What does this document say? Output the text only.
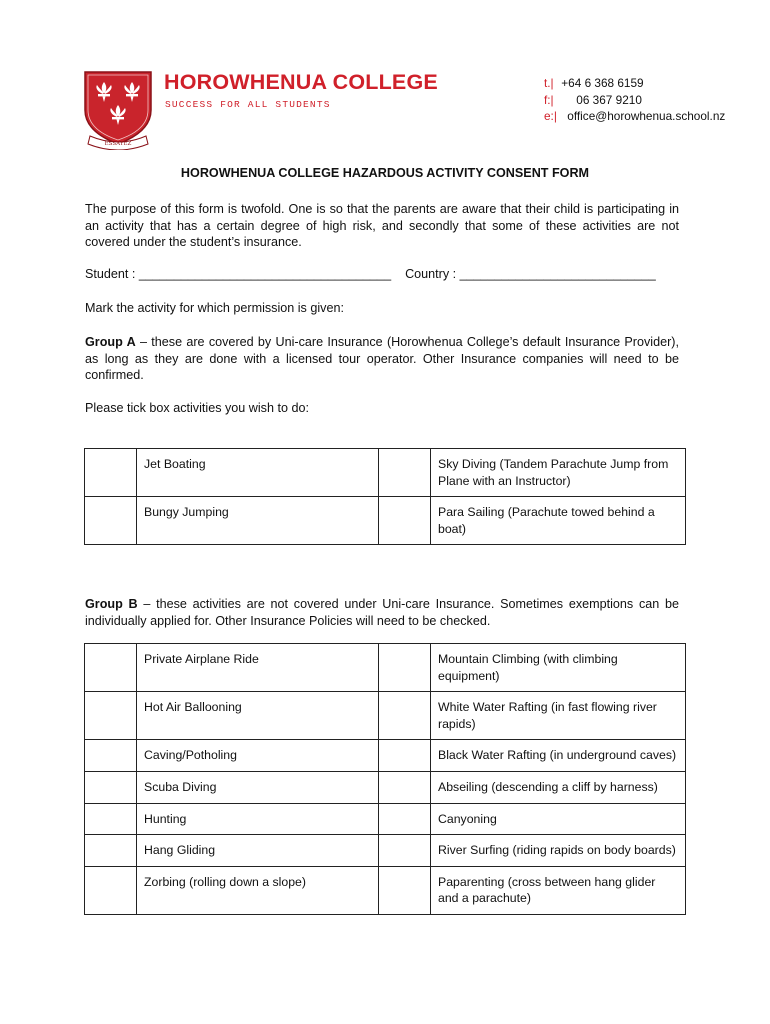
ESSAYEZ
HOROWHENUA COLLEGE
SUCCESS FOR ALL STUDENTS
t.| +64 6 368 6159
f:| 06 367 9210
e:| office@horowhenua.school.nz
HOROWHENUA COLLEGE HAZARDOUS ACTIVITY CONSENT FORM
The purpose of this form is twofold. One is so that the parents are aware that their child is participating in an activity that has a certain degree of high risk, and secondly that some of these activities are not covered under the student’s insurance.
Student : ____________________________________ Country : ____________________________
Mark the activity for which permission is given:
Group A – these are covered by Uni-care Insurance (Horowhenua College’s default Insurance Provider), as long as they are done with a licensed tour operator. Other Insurance companies will need to be confirmed.
Please tick box activities you wish to do:
	Jet Boating		Sky Diving (Tandem Parachute Jump from Plane with an Instructor)
	Bungy Jumping		Para Sailing (Parachute towed behind a boat)
Group B – these activities are not covered under Uni-care Insurance. Sometimes exemptions can be individually applied for. Other Insurance Policies will need to be checked.
	Private Airplane Ride		Mountain Climbing (with climbing equipment)
	Hot Air Ballooning		White Water Rafting (in fast flowing river rapids)
	Caving/Potholing		Black Water Rafting (in underground caves)
	Scuba Diving		Abseiling (descending a cliff by harness)
	Hunting		Canyoning
	Hang Gliding		River Surfing (riding rapids on body boards)
	Zorbing (rolling down a slope)		Paparenting (cross between hang glider and a parachute)
